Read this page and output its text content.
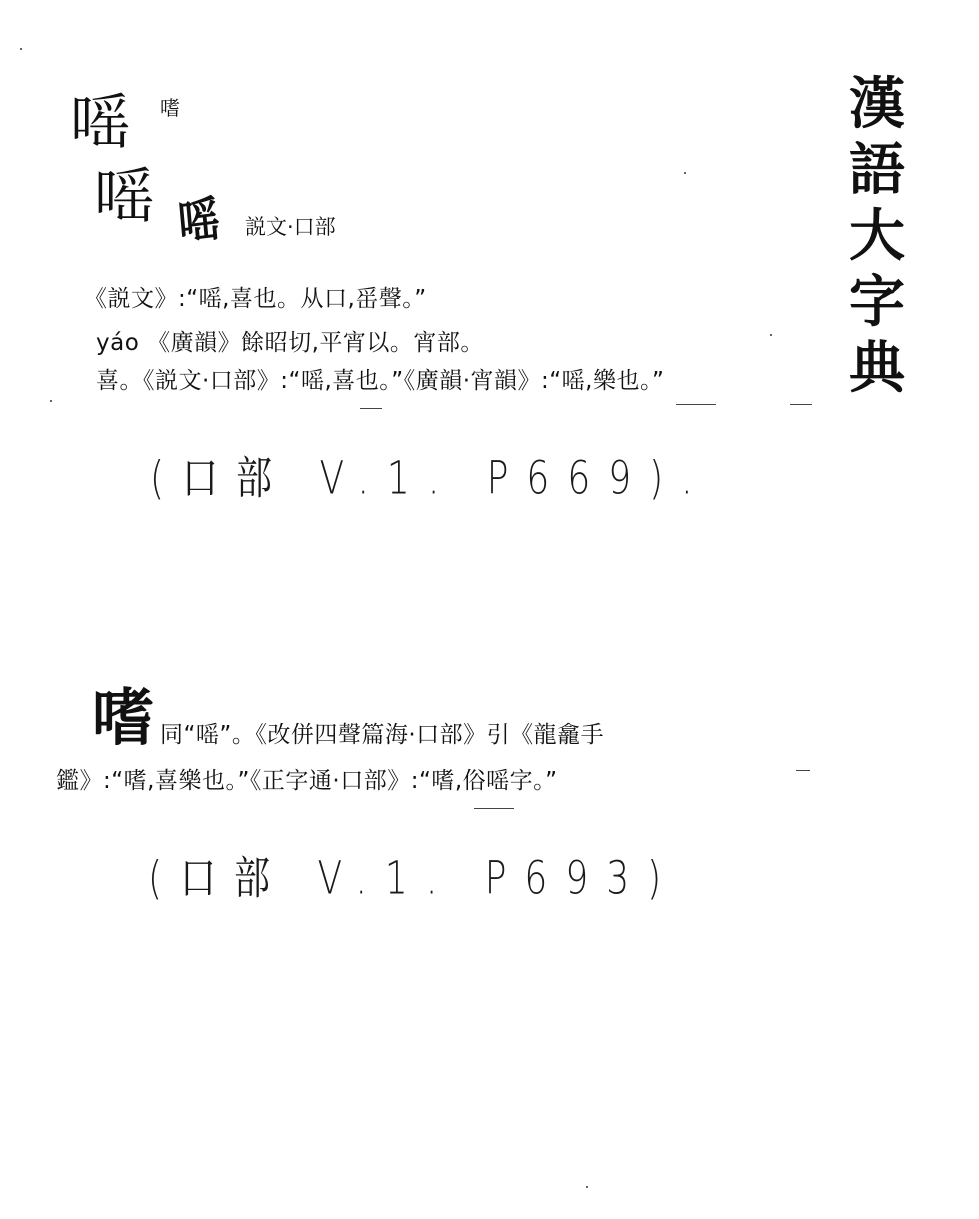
漢
語
大
字
典
嗂 嗜
嗂 嗂 説文·口部
《説文》:“嗂,喜也。从口,䍃聲。”
yáo 《廣韻》餘昭切,平宵以。宵部。
喜。《説文·口部》:“嗂,喜也。”《廣韻·宵韻》:“嗂,樂也。”
(口部 V.1. P669).
嗜 同“嗂”。《改併四聲篇海·口部》引《龍龕手
鑑》:“嗜,喜樂也。”《正字通·口部》:“嗜,俗嗂字。”
(口部 V.1. P693)
